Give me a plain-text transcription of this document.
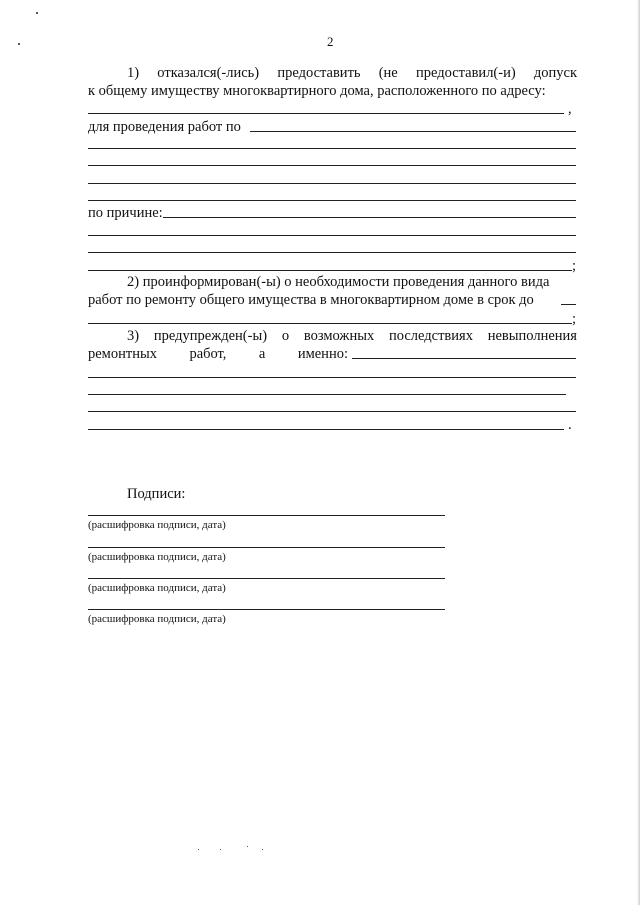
2
1) отказался(-лись) предоставить (не предоставил(-и) допуск
к общему имуществу многоквартирного дома, расположенного по адресу:
,
для проведения работ по
по причине:
;
2) проинформирован(-ы) о необходимости проведения данного вида
работ по ремонту общего имущества в многоквартирном доме в срок до
;
3) предупрежден(-ы) о возможных последствиях невыполнения
ремонтных работ, а именно:
.
Подписи:
(расшифровка подписи, дата)
(расшифровка подписи, дата)
(расшифровка подписи, дата)
(расшифровка подписи, дата)
